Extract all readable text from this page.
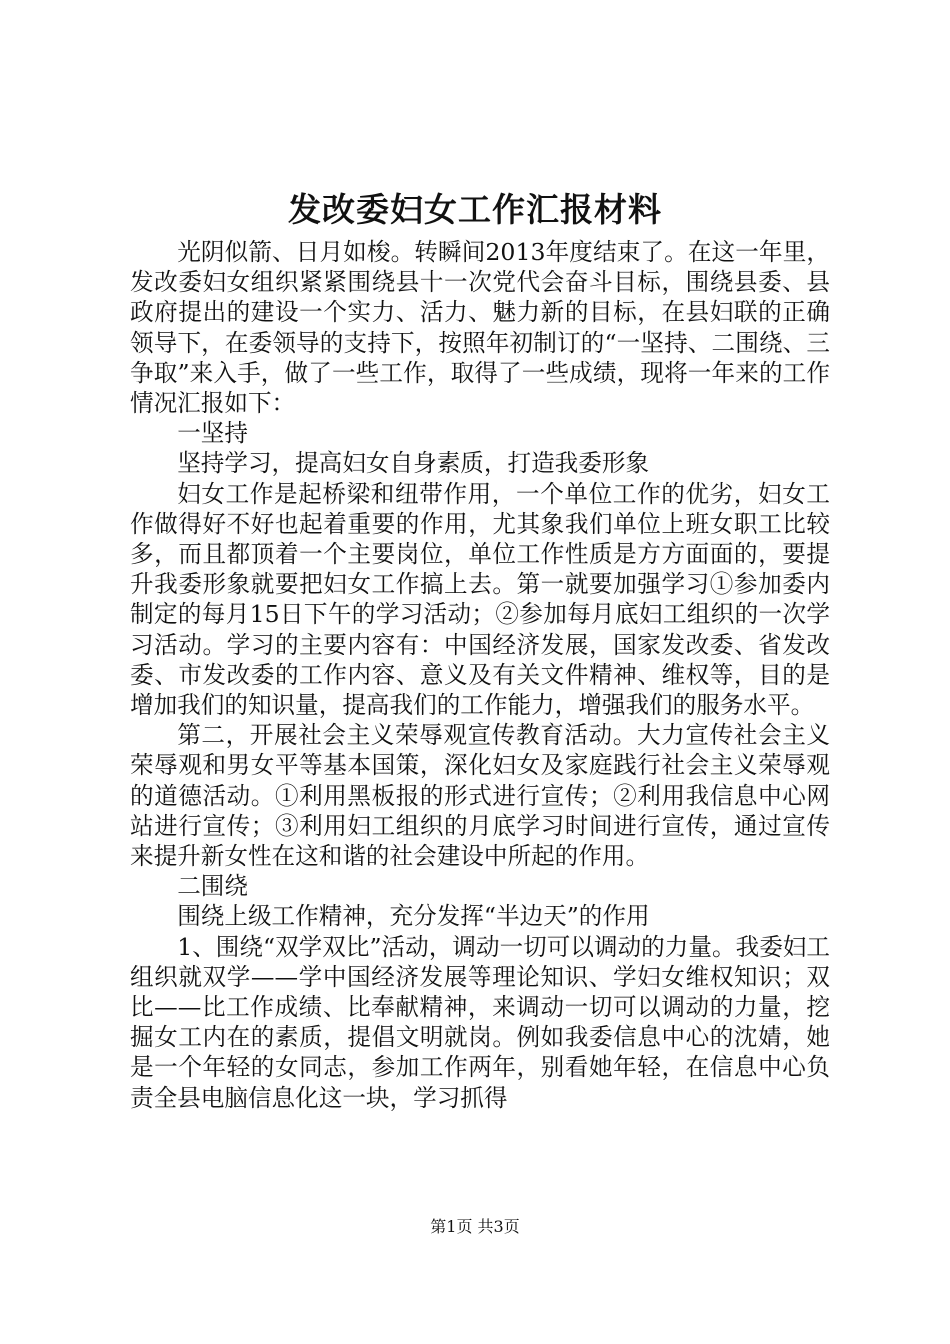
发改委妇女工作汇报材料

光阴似箭、日月如梭。转瞬间2013年度结束了。在这一年里，发改委妇女组织紧紧围绕县十一次党代会奋斗目标，围绕县委、县政府提出的建设一个实力、活力、魅力新的目标，在县妇联的正确领导下，在委领导的支持下，按照年初制订的“一坚持、二围绕、三争取”来入手，做了一些工作，取得了一些成绩，现将一年来的工作情况汇报如下：

一坚持

坚持学习，提高妇女自身素质，打造我委形象

妇女工作是起桥梁和纽带作用，一个单位工作的优劣，妇女工作做得好不好也起着重要的作用，尤其象我们单位上班女职工比较多，而且都顶着一个主要岗位，单位工作性质是方方面面的，要提升我委形象就要把妇女工作搞上去。第一就要加强学习①参加委内制定的每月15日下午的学习活动；②参加每月底妇工组织的一次学习活动。学习的主要内容有：中国经济发展，国家发改委、省发改委、市发改委的工作内容、意义及有关文件精神、维权等，目的是增加我们的知识量，提高我们的工作能力，增强我们的服务水平。

第二，开展社会主义荣辱观宣传教育活动。大力宣传社会主义荣辱观和男女平等基本国策，深化妇女及家庭践行社会主义荣辱观的道德活动。①利用黑板报的形式进行宣传；②利用我信息中心网站进行宣传；③利用妇工组织的月底学习时间进行宣传，通过宣传来提升新女性在这和谐的社会建设中所起的作用。

二围绕

围绕上级工作精神，充分发挥“半边天”的作用

1、围绕“双学双比”活动，调动一切可以调动的力量。我委妇工组织就双学——学中国经济发展等理论知识、学妇女维权知识；双比——比工作成绩、比奉献精神，来调动一切可以调动的力量，挖掘女工内在的素质，提倡文明就岗。例如我委信息中心的沈婧，她是一个年轻的女同志，参加工作两年，别看她年轻，在信息中心负责全县电脑信息化这一块，学习抓得

第1页 共3页
